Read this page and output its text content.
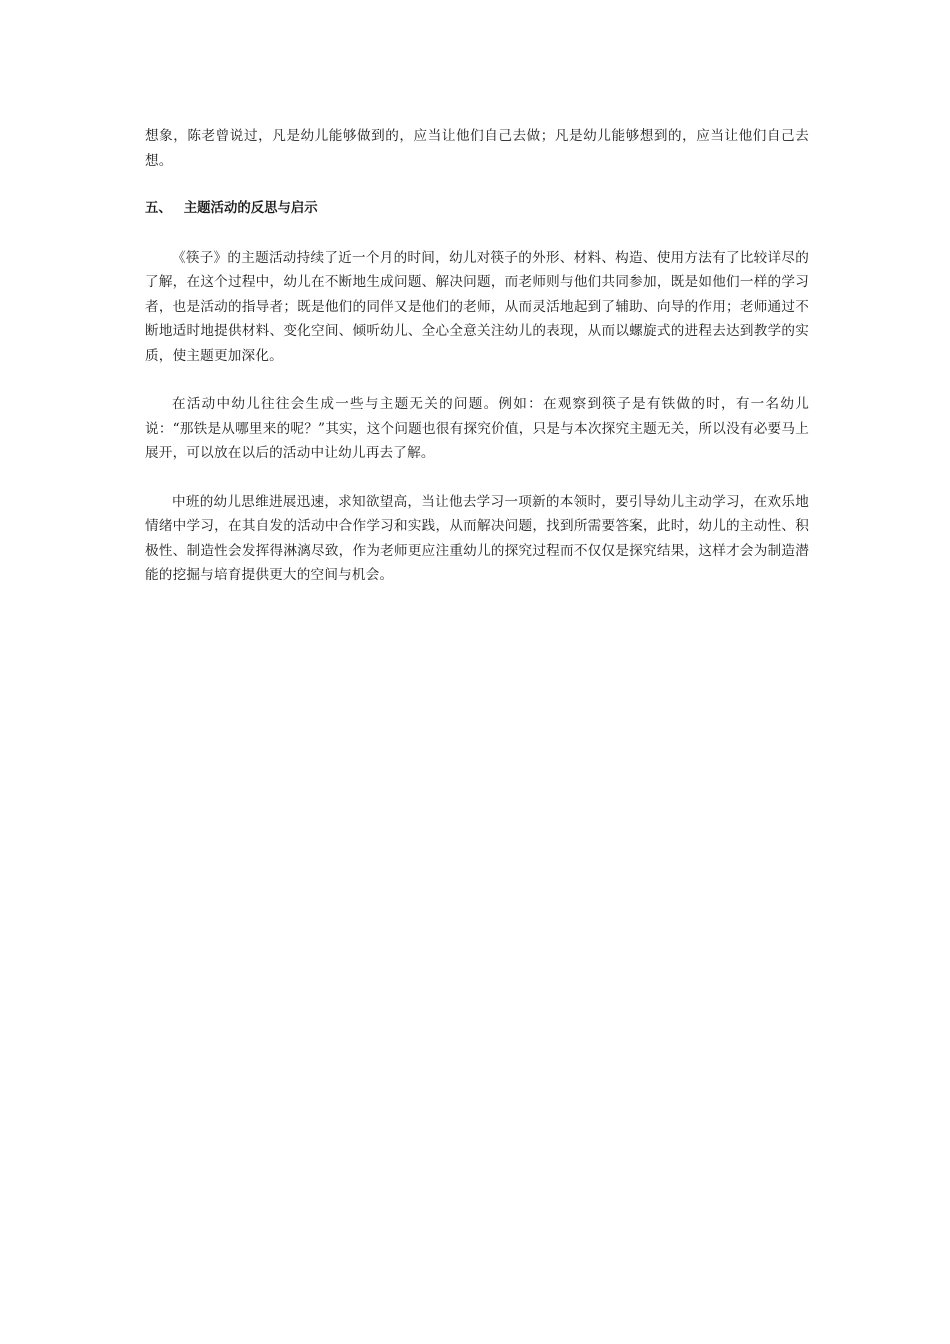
想象，陈老曾说过，凡是幼儿能够做到的，应当让他们自己去做；凡是幼儿能够想到的，应当让他们自己去想。

五、 主题活动的反思与启示

《筷子》的主题活动持续了近一个月的时间，幼儿对筷子的外形、材料、构造、使用方法有了比较详尽的了解，在这个过程中，幼儿在不断地生成问题、解决问题，而老师则与他们共同参加，既是如他们一样的学习者，也是活动的指导者；既是他们的同伴又是他们的老师，从而灵活地起到了辅助、向导的作用；老师通过不断地适时地提供材料、变化空间、倾听幼儿、全心全意关注幼儿的表现，从而以螺旋式的进程去达到教学的实质，使主题更加深化。

在活动中幼儿往往会生成一些与主题无关的问题。例如：在观察到筷子是有铁做的时，有一名幼儿说：“那铁是从哪里来的呢？”其实，这个问题也很有探究价值，只是与本次探究主题无关，所以没有必要马上展开，可以放在以后的活动中让幼儿再去了解。

中班的幼儿思维进展迅速，求知欲望高，当让他去学习一项新的本领时，要引导幼儿主动学习，在欢乐地情绪中学习，在其自发的活动中合作学习和实践，从而解决问题，找到所需要答案，此时，幼儿的主动性、积极性、制造性会发挥得淋漓尽致，作为老师更应注重幼儿的探究过程而不仅仅是探究结果，这样才会为制造潜能的挖掘与培育提供更大的空间与机会。
